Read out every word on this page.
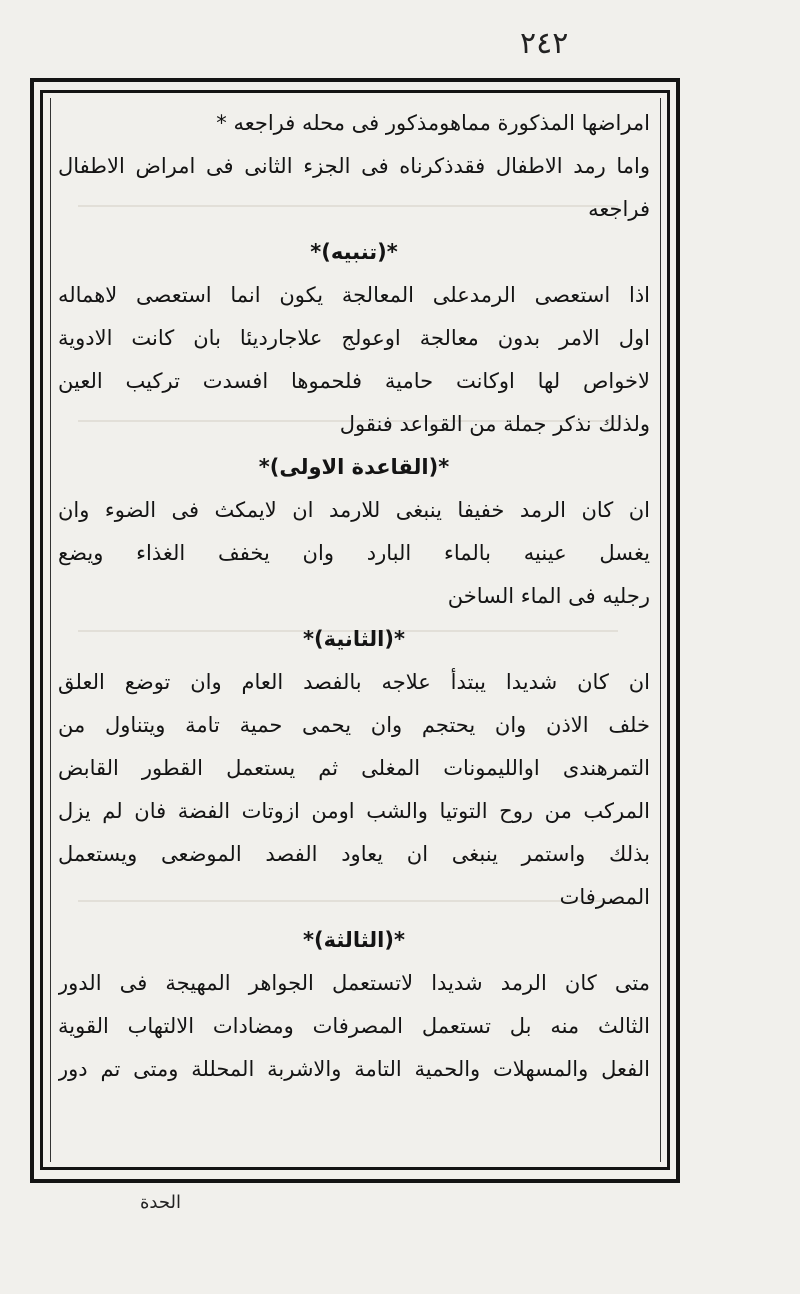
٢٤٢
امراضها المذكورة مماهومذكور فى محله فراجعه *
واما رمد الاطفال فقدذكرناه فى الجزء الثانى فى امراض الاطفال
فراجعه
*(تنبيه)*
اذا استعصى الرمدعلى المعالجة يكون انما استعصى لاهماله
اول الامر بدون معالجة اوعولج علاجارديئا بان كانت الادوية
لاخواص لها اوكانت حامية فلحموها افسدت تركيب العين
ولذلك نذكر جملة من القواعد فنقول
*(القاعدة الاولى)*
ان كان الرمد خفيفا ينبغى للارمد ان لايمكث فى الضوء وان
يغسل عينيه بالماء البارد وان يخفف الغذاء ويضع
رجليه فى الماء الساخن
*(الثانية)*
ان كان شديدا يبتدأ علاجه بالفصد العام وان توضع العلق
خلف الاذن وان يحتجم وان يحمى حمية تامة ويتناول من
التمرهندى اوالليمونات المغلى ثم يستعمل القطور القابض
المركب من روح التوتيا والشب اومن ازوتات الفضة فان لم يزل
بذلك واستمر ينبغى ان يعاود الفصد الموضعى ويستعمل
المصرفات
*(الثالثة)*
متى كان الرمد شديدا لاتستعمل الجواهر المهيجة فى الدور
الثالث منه بل تستعمل المصرفات ومضادات الالتهاب القوية
الفعل والمسهلات والحمية التامة والاشربة المحللة ومتى تم دور
الحدة
